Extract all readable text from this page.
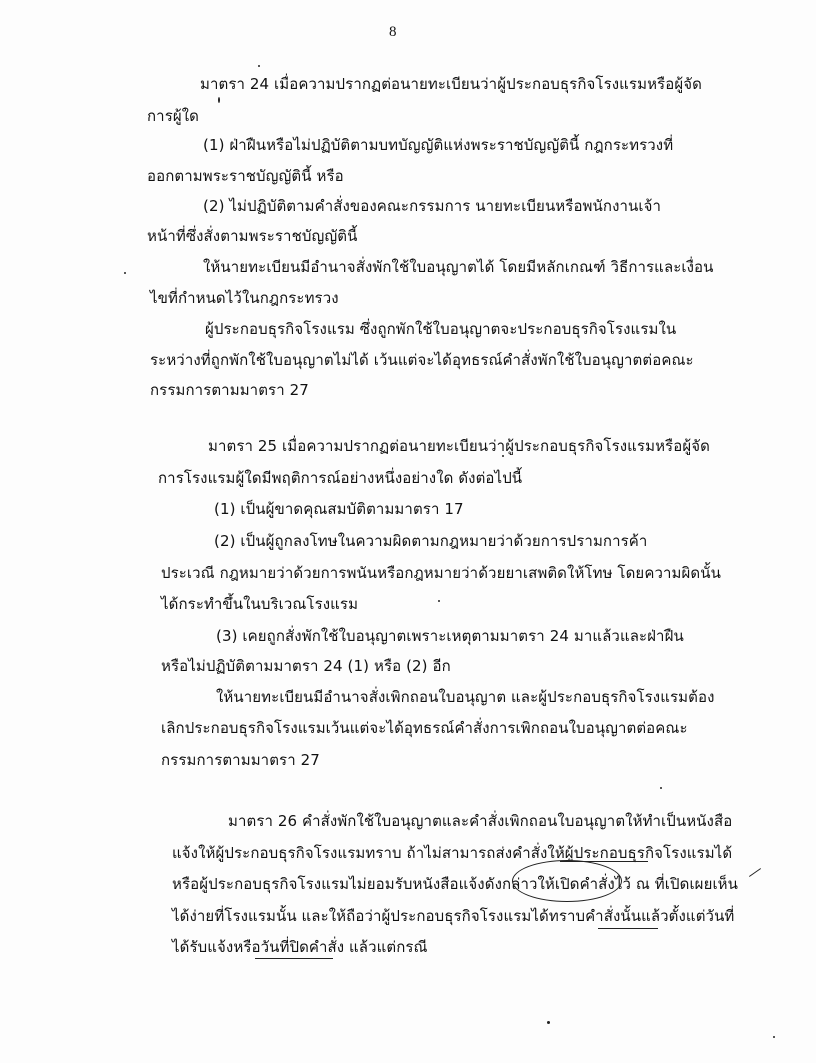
8
มาตรา 24 เมื่อความปรากฏต่อนายทะเบียนว่าผู้ประกอบธุรกิจโรงแรมหรือผู้จัด
การผู้ใด
(1) ฝ่าฝืนหรือไม่ปฏิบัติตามบทบัญญัติแห่งพระราชบัญญัตินี้ กฎกระทรวงที่
ออกตามพระราชบัญญัตินี้ หรือ
(2) ไม่ปฏิบัติตามคำสั่งของคณะกรรมการ นายทะเบียนหรือพนักงานเจ้า
หน้าที่ซึ่งสั่งตามพระราชบัญญัตินี้
ให้นายทะเบียนมีอำนาจสั่งพักใช้ใบอนุญาตได้ โดยมีหลักเกณฑ์ วิธีการและเงื่อน
ไขที่กำหนดไว้ในกฎกระทรวง
ผู้ประกอบธุรกิจโรงแรม ซึ่งถูกพักใช้ใบอนุญาตจะประกอบธุรกิจโรงแรมใน
ระหว่างที่ถูกพักใช้ใบอนุญาตไม่ได้ เว้นแต่จะได้อุทธรณ์คำสั่งพักใช้ใบอนุญาตต่อคณะ
กรรมการตามมาตรา 27
มาตรา 25 เมื่อความปรากฏต่อนายทะเบียนว่าผู้ประกอบธุรกิจโรงแรมหรือผู้จัด
การโรงแรมผู้ใดมีพฤติการณ์อย่างหนึ่งอย่างใด ดังต่อไปนี้
(1) เป็นผู้ขาดคุณสมบัติตามมาตรา 17
(2) เป็นผู้ถูกลงโทษในความผิดตามกฎหมายว่าด้วยการปรามการค้า
ประเวณี กฎหมายว่าด้วยการพนันหรือกฎหมายว่าด้วยยาเสพติดให้โทษ โดยความผิดนั้น
ได้กระทำขึ้นในบริเวณโรงแรม
(3) เคยถูกสั่งพักใช้ใบอนุญาตเพราะเหตุตามมาตรา 24 มาแล้วและฝ่าฝืน
หรือไม่ปฏิบัติตามมาตรา 24 (1) หรือ (2) อีก
ให้นายทะเบียนมีอำนาจสั่งเพิกถอนใบอนุญาต และผู้ประกอบธุรกิจโรงแรมต้อง
เลิกประกอบธุรกิจโรงแรมเว้นแต่จะได้อุทธรณ์คำสั่งการเพิกถอนใบอนุญาตต่อคณะ
กรรมการตามมาตรา 27
มาตรา 26 คำสั่งพักใช้ใบอนุญาตและคำสั่งเพิกถอนใบอนุญาตให้ทำเป็นหนังสือ
แจ้งให้ผู้ประกอบธุรกิจโรงแรมทราบ ถ้าไม่สามารถส่งคำสั่งให้ผู้ประกอบธุรกิจโรงแรมได้
หรือผู้ประกอบธุรกิจโรงแรมไม่ยอมรับหนังสือแจ้งดังกล่าวให้เปิดคำสั่งไว้ ณ ที่เปิดเผยเห็น
ได้ง่ายที่โรงแรมนั้น และให้ถือว่าผู้ประกอบธุรกิจโรงแรมได้ทราบคำสั่งนั้นแล้วตั้งแต่วันที่
ได้รับแจ้งหรือวันที่ปิดคำสั่ง แล้วแต่กรณี
